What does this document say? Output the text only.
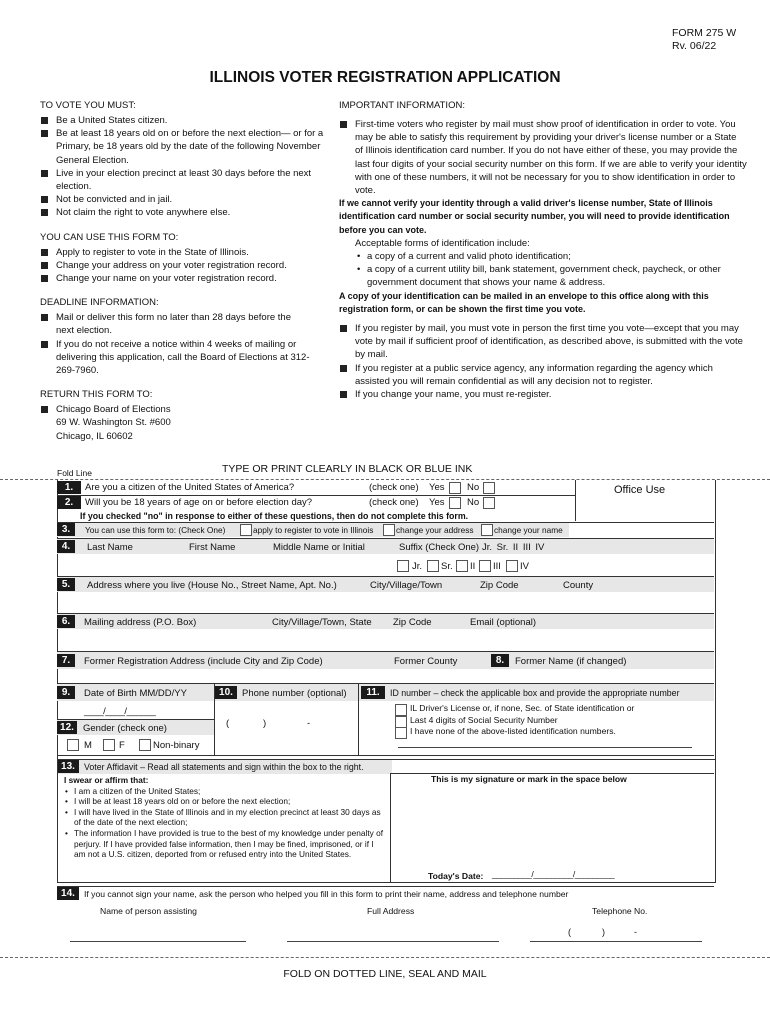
FORM 275 W
Rv. 06/22
ILLINOIS VOTER REGISTRATION APPLICATION
TO VOTE YOU MUST:
Be a United States citizen.
Be at least 18 years old on or before the next election— or for a Primary, be 18 years old by the date of the following November General Election.
Live in your election precinct at least 30 days before the next election.
Not be convicted and in jail.
Not claim the right to vote anywhere else.
YOU CAN USE THIS FORM TO:
Apply to register to vote in the State of Illinois.
Change your address on your voter registration record.
Change your name on your voter registration record.
DEADLINE INFORMATION:
Mail or deliver this form no later than 28 days before the next election.
If you do not receive a notice within 4 weeks of mailing or delivering this application, call the Board of Elections at 312-269-7960.
RETURN THIS FORM TO:
Chicago Board of Elections
69 W. Washington St. #600
Chicago, IL 60602
IMPORTANT INFORMATION:
First-time voters who register by mail must show proof of identification in order to vote. You may be able to satisfy this requirement by providing your driver's license number or a State of Illinois identification card number. If you do not have either of these, you may provide the last four digits of your social security number on this form. If we are able to verify your identity with one of these numbers, it will not be necessary for you to show identification in order to vote.
If we cannot verify your identity through a valid driver's license number, State of Illinois identification card number or social security number, you will need to provide identification before you can vote.
Acceptable forms of identification include:
• a copy of a current and valid photo identification;
• a copy of a current utility bill, bank statement, government check, paycheck, or other government document that shows your name & address.
A copy of your identification can be mailed in an envelope to this office along with this registration form, or can be shown the first time you vote.
If you register by mail, you must vote in person the first time you vote—except that you may vote by mail if sufficient proof of identification, as described above, is submitted with the vote by mail.
If you register at a public service agency, any information regarding the agency which assisted you will remain confidential as will any decision not to register.
If you change your name, you must re-register.
Fold Line	TYPE OR PRINT CLEARLY IN BLACK OR BLUE INK
Office Use
1.	Are you a citizen of the United States of America?	(check one) Yes No
2.	Will you be 18 years of age on or before election day?	(check one) Yes No
If you checked "no" in response to either of these questions, then do not complete this form.
3.	You can use this form to: (Check One)	apply to register to vote in Illinois	change your address change your name
4.	Last Name	First Name	Middle Name or Initial	Suffix (Check One) Jr. Sr. II III IV
Jr. Sr. II III IV
5.	Address where you live (House No., Street Name, Apt. No.)	City/Village/Town	Zip Code	County
6.	Mailing address (P.O. Box)	City/Village/Town, State Zip Code	Email (optional)
7.	Former Registration Address (include City and Zip Code)	Former County	8.	Former Name (if changed)
9.	Date of Birth MM/DD/YY	10. Phone number (optional)	11.	ID number – check the applicable box and provide the appropriate number
____/____/______
12. Gender (check one)
M	F	Non-binary
(	)	-
IL Driver's License or, if none, Sec. of State identification or
Last 4 digits of Social Security Number
I have none of the above-listed identification numbers.
13.	Voter Affidavit – Read all statements and sign within the box to the right.
I swear or affirm that:
• I am a citizen of the United States;
• I will be at least 18 years old on or before the next election;
• I will have lived in the State of Illinois and in my election precinct at least 30 days as of the date of the next election;
• The information I have provided is true to the best of my knowledge under penalty of perjury. If I have provided false information, then I may be fined, imprisoned, or if I am not a U.S. citizen, deported from or refused entry into the United States.
This is my signature or mark in the space below
Today's Date: _________/_________/_________
14.	If you cannot sign your name, ask the person who helped you fill in this form to print their name, address and telephone number
Name of person assisting	Full Address	Telephone No.
(	)	-
FOLD ON DOTTED LINE, SEAL AND MAIL
